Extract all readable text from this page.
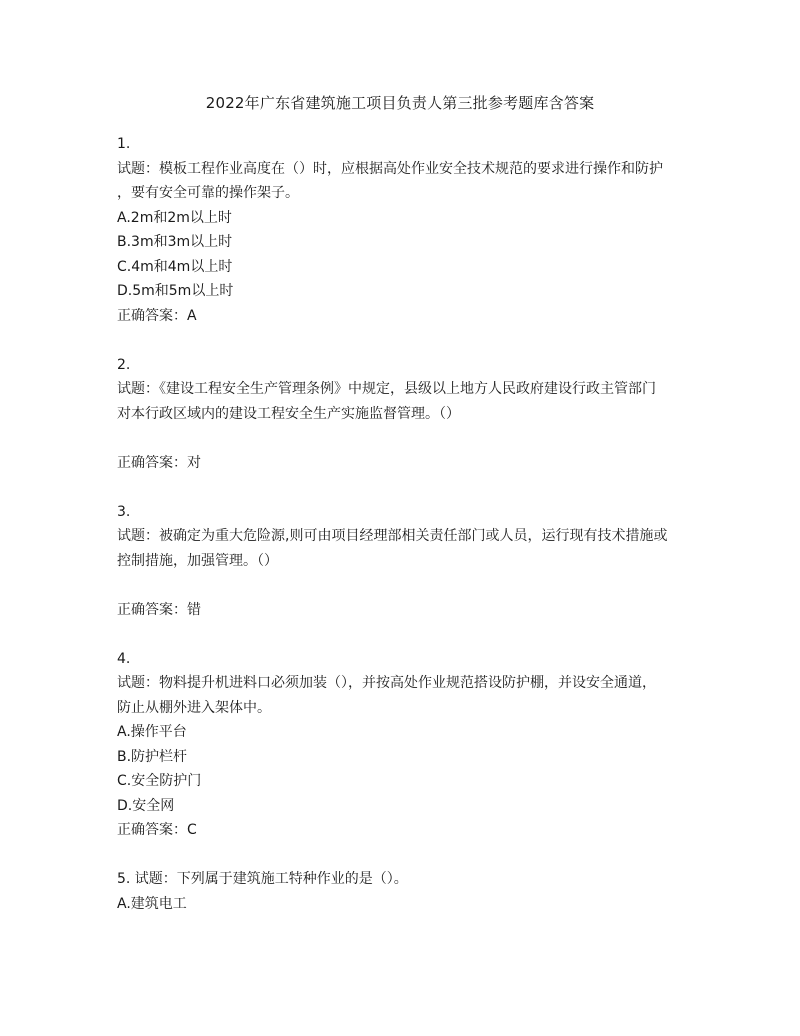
2022年广东省建筑施工项目负责人第三批参考题库含答案
1.
试题：模板工程作业高度在（）时，应根据高处作业安全技术规范的要求进行操作和防护
，要有安全可靠的操作架子。
A.2m和2m以上时
B.3m和3m以上时
C.4m和4m以上时
D.5m和5m以上时
正确答案：A
2.
试题：《建设工程安全生产管理条例》中规定，县级以上地方人民政府建设行政主管部门
对本行政区域内的建设工程安全生产实施监督管理。（）
正确答案：对
3.
试题：被确定为重大危险源,则可由项目经理部相关责任部门或人员，运行现有技术措施或
控制措施，加强管理。（）
正确答案：错
4.
试题：物料提升机进料口必须加装（），并按高处作业规范搭设防护棚，并设安全通道，
防止从棚外进入架体中。
A.操作平台
B.防护栏杆
C.安全防护门
D.安全网
正确答案：C
5. 试题：下列属于建筑施工特种作业的是（）。
A.建筑电工
